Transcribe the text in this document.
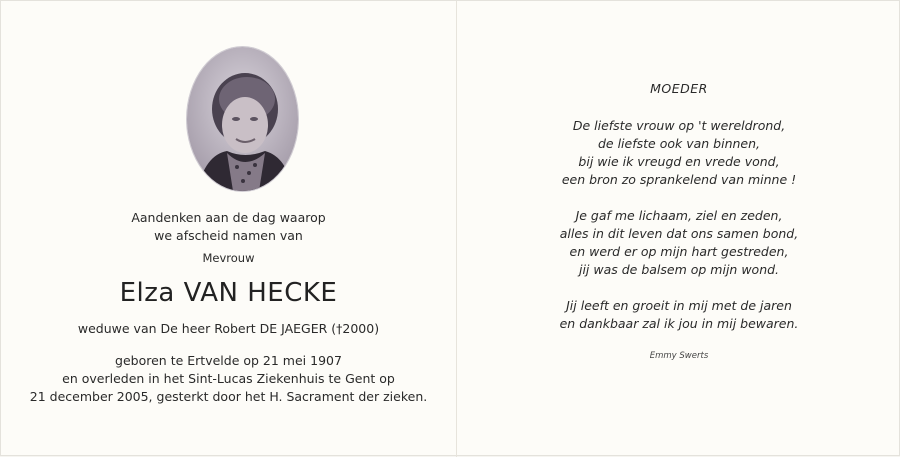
Aandenken aan de dag waarop
we afscheid namen van
Mevrouw
Elza VAN HECKE
weduwe van De heer Robert DE JAEGER (†2000)
geboren te Ertvelde op 21 mei 1907
en overleden in het Sint-Lucas Ziekenhuis te Gent op
21 december 2005, gesterkt door het H. Sacrament der zieken.
MOEDER
De liefste vrouw op 't wereldrond,
de liefste ook van binnen,
bij wie ik vreugd en vrede vond,
een bron zo sprankelend van minne !
Je gaf me lichaam, ziel en zeden,
alles in dit leven dat ons samen bond,
en werd er op mijn hart gestreden,
jij was de balsem op mijn wond.
Jij leeft en groeit in mij met de jaren
en dankbaar zal ik jou in mij bewaren.
Emmy Swerts
